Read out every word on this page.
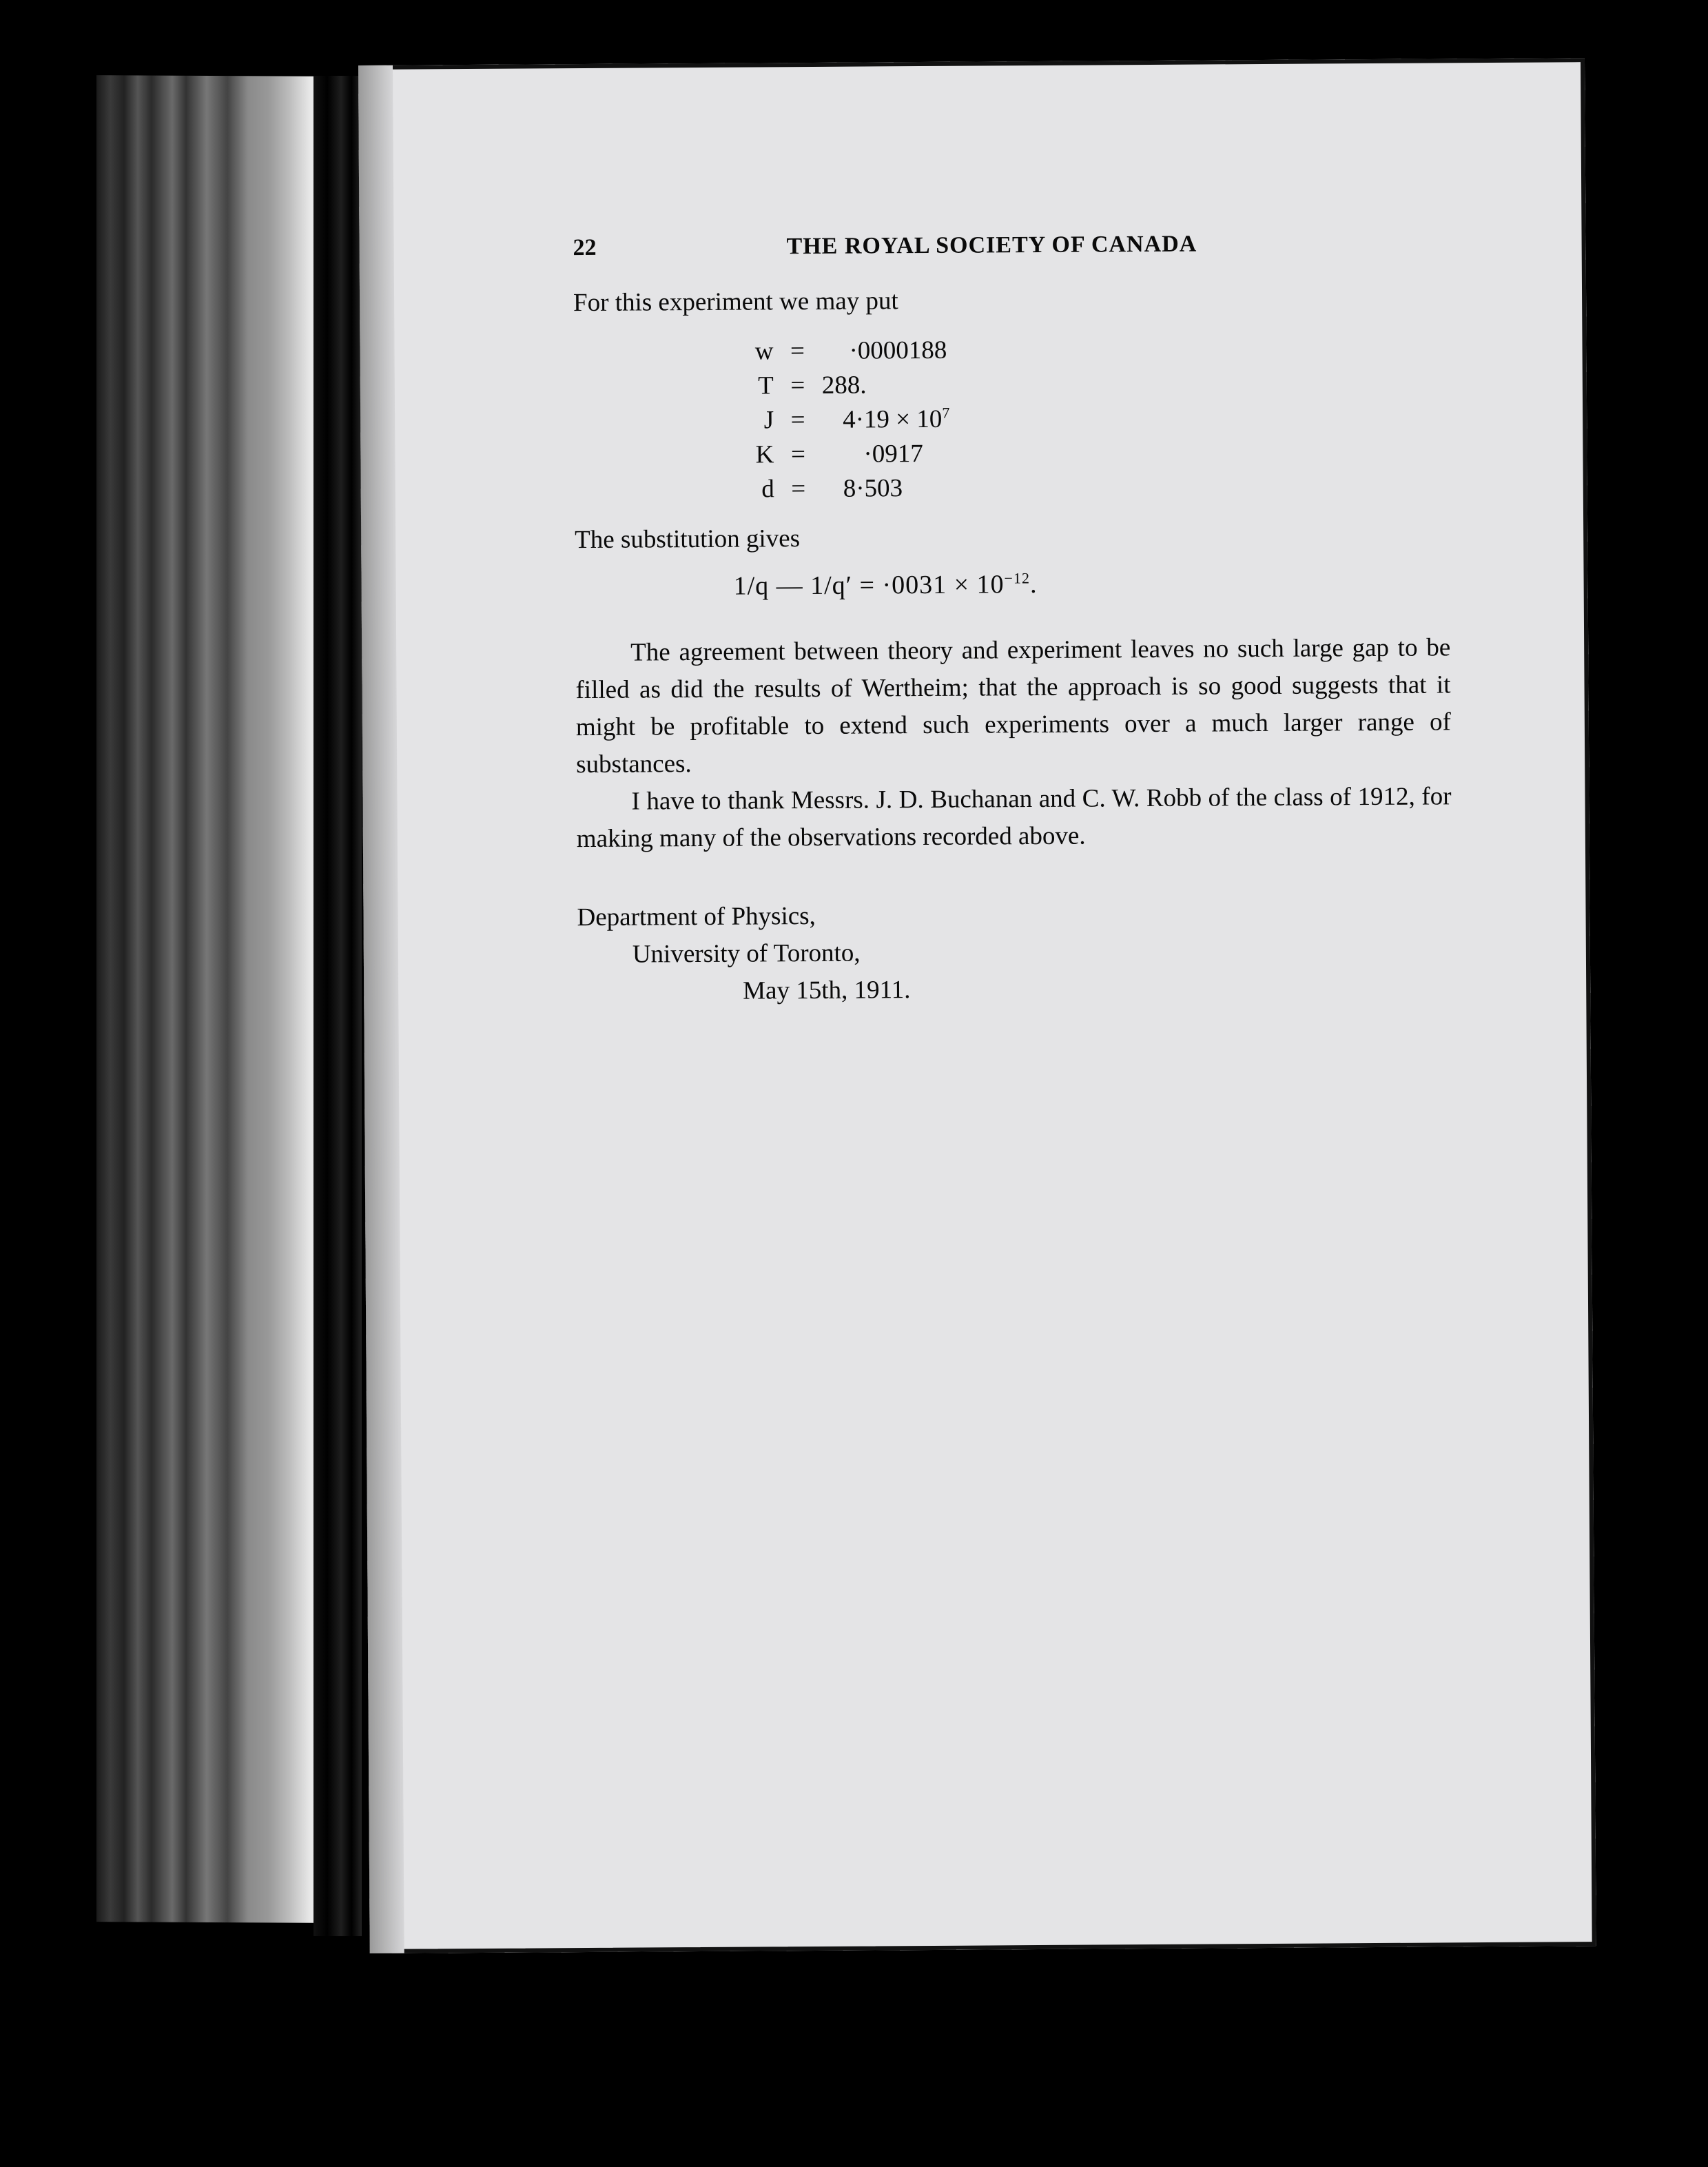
22	THE ROYAL SOCIETY OF CANADA
For this experiment we may put
w =	·0000188
T = 288.
J =	$4\cdot 19 \times 10^7$
K =	·0917
d =	8·503
The substitution gives
1/q — $1/q' = \cdot 0031 \times 10^{-12}$.
The agreement between theory and experiment leaves no such large gap to be filled as did the results of Wertheim; that the approach is so good suggests that it might be profitable to extend such experiments over a much larger range of substances.
I have to thank Messrs. J. D. Buchanan and C. W. Robb of the class of 1912, for making many of the observations recorded above.
Department of Physics,
University of Toronto,
May 15th, 1911.
